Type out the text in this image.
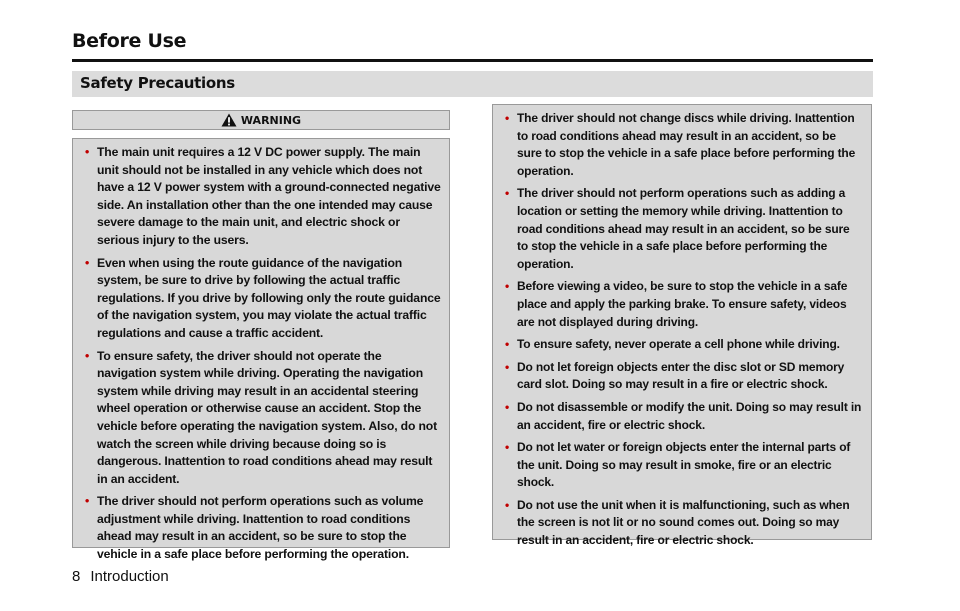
Before Use
Safety Precautions
WARNING
• The main unit requires a 12 V DC power supply. The main unit should not be installed in any vehicle which does not have a 12 V power system with a ground-connected negative side. An installation other than the one intended may cause severe damage to the main unit, and electric shock or serious injury to the users.
• Even when using the route guidance of the navigation system, be sure to drive by following the actual traffic regulations. If you drive by following only the route guidance of the navigation system, you may violate the actual traffic regulations and cause a traffic accident.
• To ensure safety, the driver should not operate the navigation system while driving. Operating the navigation system while driving may result in an accidental steering wheel operation or otherwise cause an accident. Stop the vehicle before operating the navigation system. Also, do not watch the screen while driving because doing so is dangerous. Inattention to road conditions ahead may result in an accident.
• The driver should not perform operations such as volume adjustment while driving. Inattention to road conditions ahead may result in an accident, so be sure to stop the vehicle in a safe place before performing the operation.
• The driver should not change discs while driving. Inattention to road conditions ahead may result in an accident, so be sure to stop the vehicle in a safe place before performing the operation.
• The driver should not perform operations such as adding a location or setting the memory while driving. Inattention to road conditions ahead may result in an accident, so be sure to stop the vehicle in a safe place before performing the operation.
• Before viewing a video, be sure to stop the vehicle in a safe place and apply the parking brake. To ensure safety, videos are not displayed during driving.
• To ensure safety, never operate a cell phone while driving.
• Do not let foreign objects enter the disc slot or SD memory card slot. Doing so may result in a fire or electric shock.
• Do not disassemble or modify the unit. Doing so may result in an accident, fire or electric shock.
• Do not let water or foreign objects enter the internal parts of the unit. Doing so may result in smoke, fire or an electric shock.
• Do not use the unit when it is malfunctioning, such as when the screen is not lit or no sound comes out. Doing so may result in an accident, fire or electric shock.
8 Introduction
